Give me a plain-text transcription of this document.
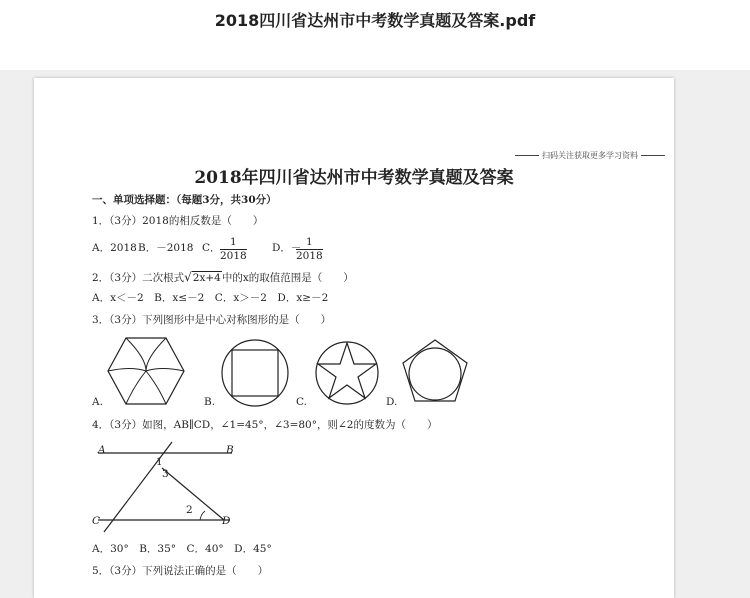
2018四川省达州市中考数学真题及答案.pdf
扫码关注获取更多学习资料
2018年四川省达州市中考数学真题及答案
一、单项选择题：（每题3分，共30分）
1．（3分）2018的相反数是（　　）
A．2018 B．－2018 C． $\frac{1}{2018}$ D．－
$\frac{1}{2018}$
2．（3分）二次根式√2x+4中的x的取值范围是（　　）
A．x＜－2　B．x≤－2　C．x＞－2　D．x≥－2
3．（3分）下列图形中是中心对称图形的是（　　）
A.	B.	C.	D.
4．（3分）如图，AB∥CD，∠1=45°，∠3=80°，则∠2的度数为（　　）
A	B
C	D
1
3
2
A．30°　B．35°　C．40°　D．45°
5．（3分）下列说法正确的是（　　）
